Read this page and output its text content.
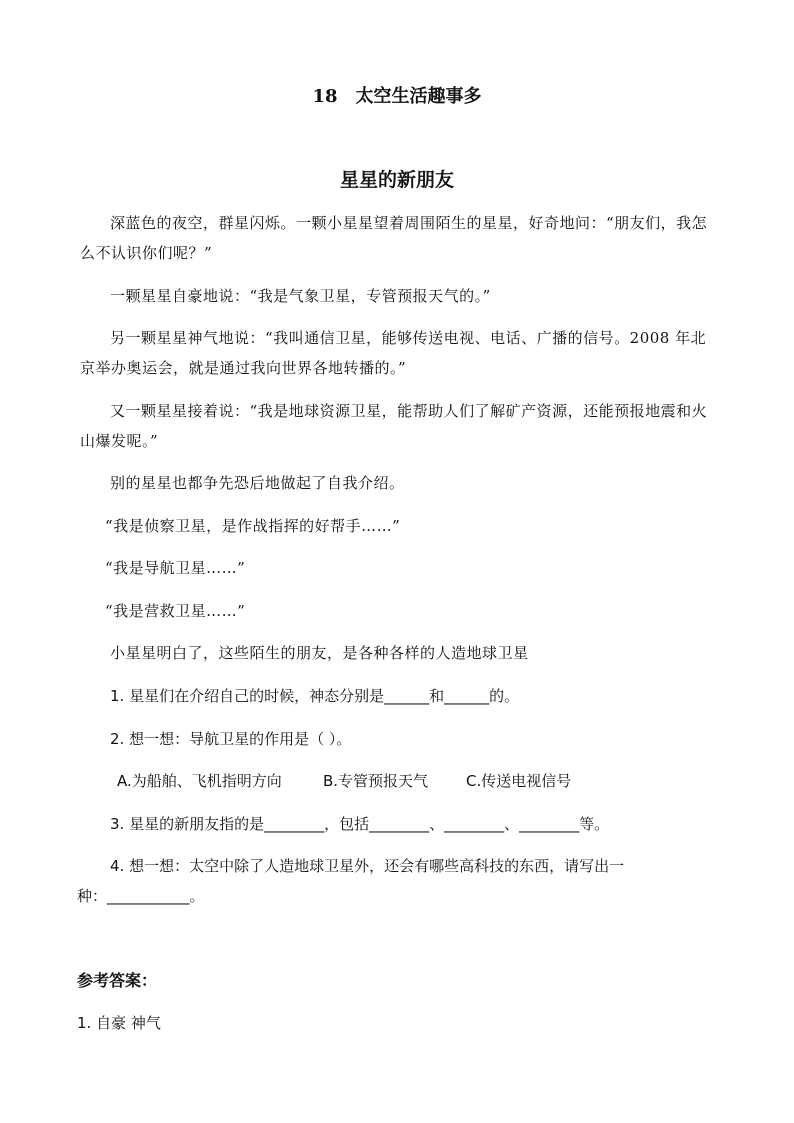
18 太空生活趣事多
星星的新朋友
深蓝色的夜空，群星闪烁。一颗小星星望着周围陌生的星星，好奇地问：“朋友们，我怎
么不认识你们呢？”
一颗星星自豪地说：“我是气象卫星，专管预报天气的。”
另一颗星星神气地说：“我叫通信卫星，能够传送电视、电话、广播的信号。2008 年北
京举办奥运会，就是通过我向世界各地转播的。”
又一颗星星接着说：“我是地球资源卫星，能帮助人们了解矿产资源，还能预报地震和火
山爆发呢。”
别的星星也都争先恐后地做起了自我介绍。
“我是侦察卫星，是作战指挥的好帮手……”
“我是导航卫星……”
“我是营救卫星……”
小星星明白了，这些陌生的朋友，是各种各样的人造地球卫星
1. 星星们在介绍自己的时候，神态分别是______和______的。
2. 想一想：导航卫星的作用是（ ）。
A.为船舶、飞机指明方向	B.专管预报天气	C.传送电视信号
3. 星星的新朋友指的是________，包括________、________、________等。
4. 想一想：太空中除了人造地球卫星外，还会有哪些高科技的东西，请写出一
种：___________。
参考答案：
1. 自豪 神气
